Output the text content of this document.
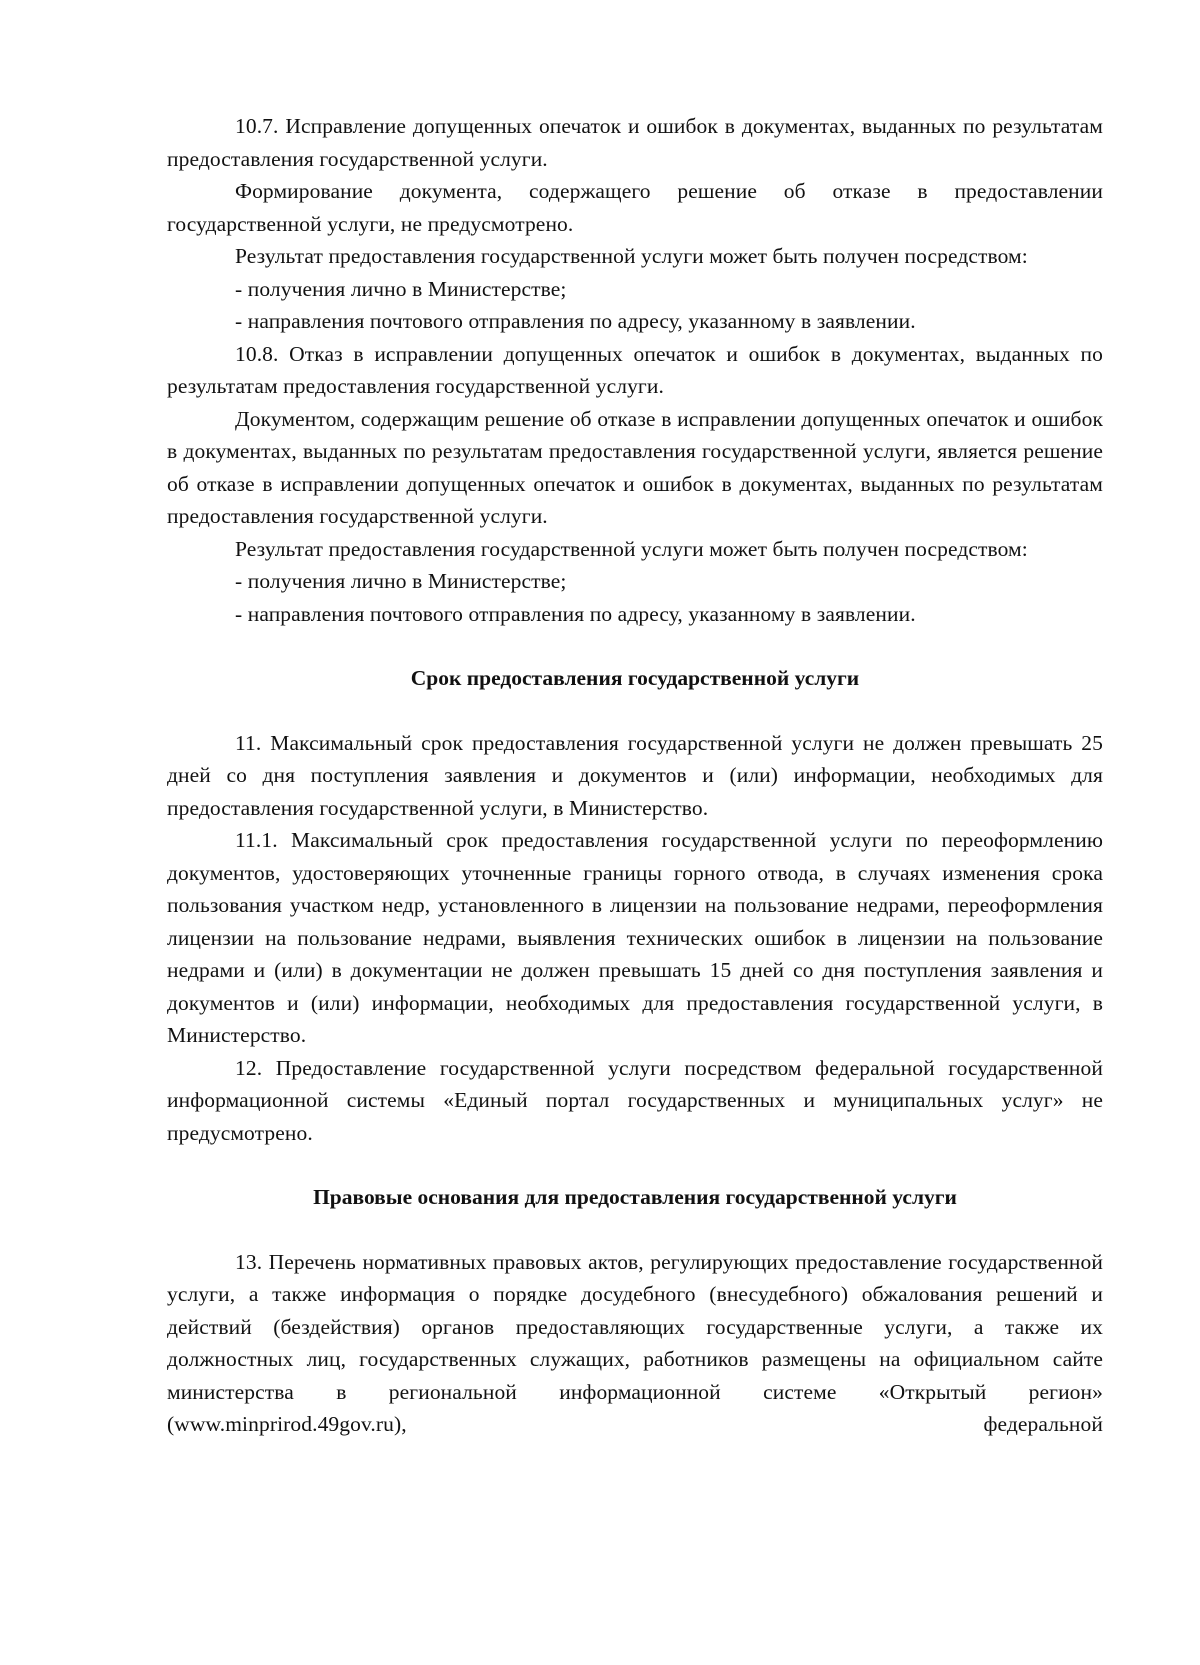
10.7. Исправление допущенных опечаток и ошибок в документах, выданных по результатам предоставления государственной услуги.

Формирование документа, содержащего решение об отказе в предоставлении государственной услуги, не предусмотрено.

Результат предоставления государственной услуги может быть получен посредством:

- получения лично в Министерстве;

- направления почтового отправления по адресу, указанному в заявлении.

10.8. Отказ в исправлении допущенных опечаток и ошибок в документах, выданных по результатам предоставления государственной услуги.

Документом, содержащим решение об отказе в исправлении допущенных опечаток и ошибок в документах, выданных по результатам предоставления государственной услуги, является решение об отказе в исправлении допущенных опечаток и ошибок в документах, выданных по результатам предоставления государственной услуги.

Результат предоставления государственной услуги может быть получен посредством:

- получения лично в Министерстве;

- направления почтового отправления по адресу, указанному в заявлении.

Срок предоставления государственной услуги

11. Максимальный срок предоставления государственной услуги не должен превышать 25 дней со дня поступления заявления и документов и (или) информации, необходимых для предоставления государственной услуги, в Министерство.

11.1. Максимальный срок предоставления государственной услуги по переоформлению документов, удостоверяющих уточненные границы горного отвода, в случаях изменения срока пользования участком недр, установленного в лицензии на пользование недрами, переоформления лицензии на пользование недрами, выявления технических ошибок в лицензии на пользование недрами и (или) в документации не должен превышать 15 дней со дня поступления заявления и документов и (или) информации, необходимых для предоставления государственной услуги, в Министерство.

12. Предоставление государственной услуги посредством федеральной государственной информационной системы «Единый портал государственных и муниципальных услуг» не предусмотрено.

Правовые основания для предоставления государственной услуги

13. Перечень нормативных правовых актов, регулирующих предоставление государственной услуги, а также информация о порядке досудебного (внесудебного) обжалования решений и действий (бездействия) органов предоставляющих государственные услуги, а также их должностных лиц, государственных служащих, работников размещены на официальном сайте министерства в региональной информационной системе «Открытый регион» (www.minprirod.49gov.ru), федеральной
